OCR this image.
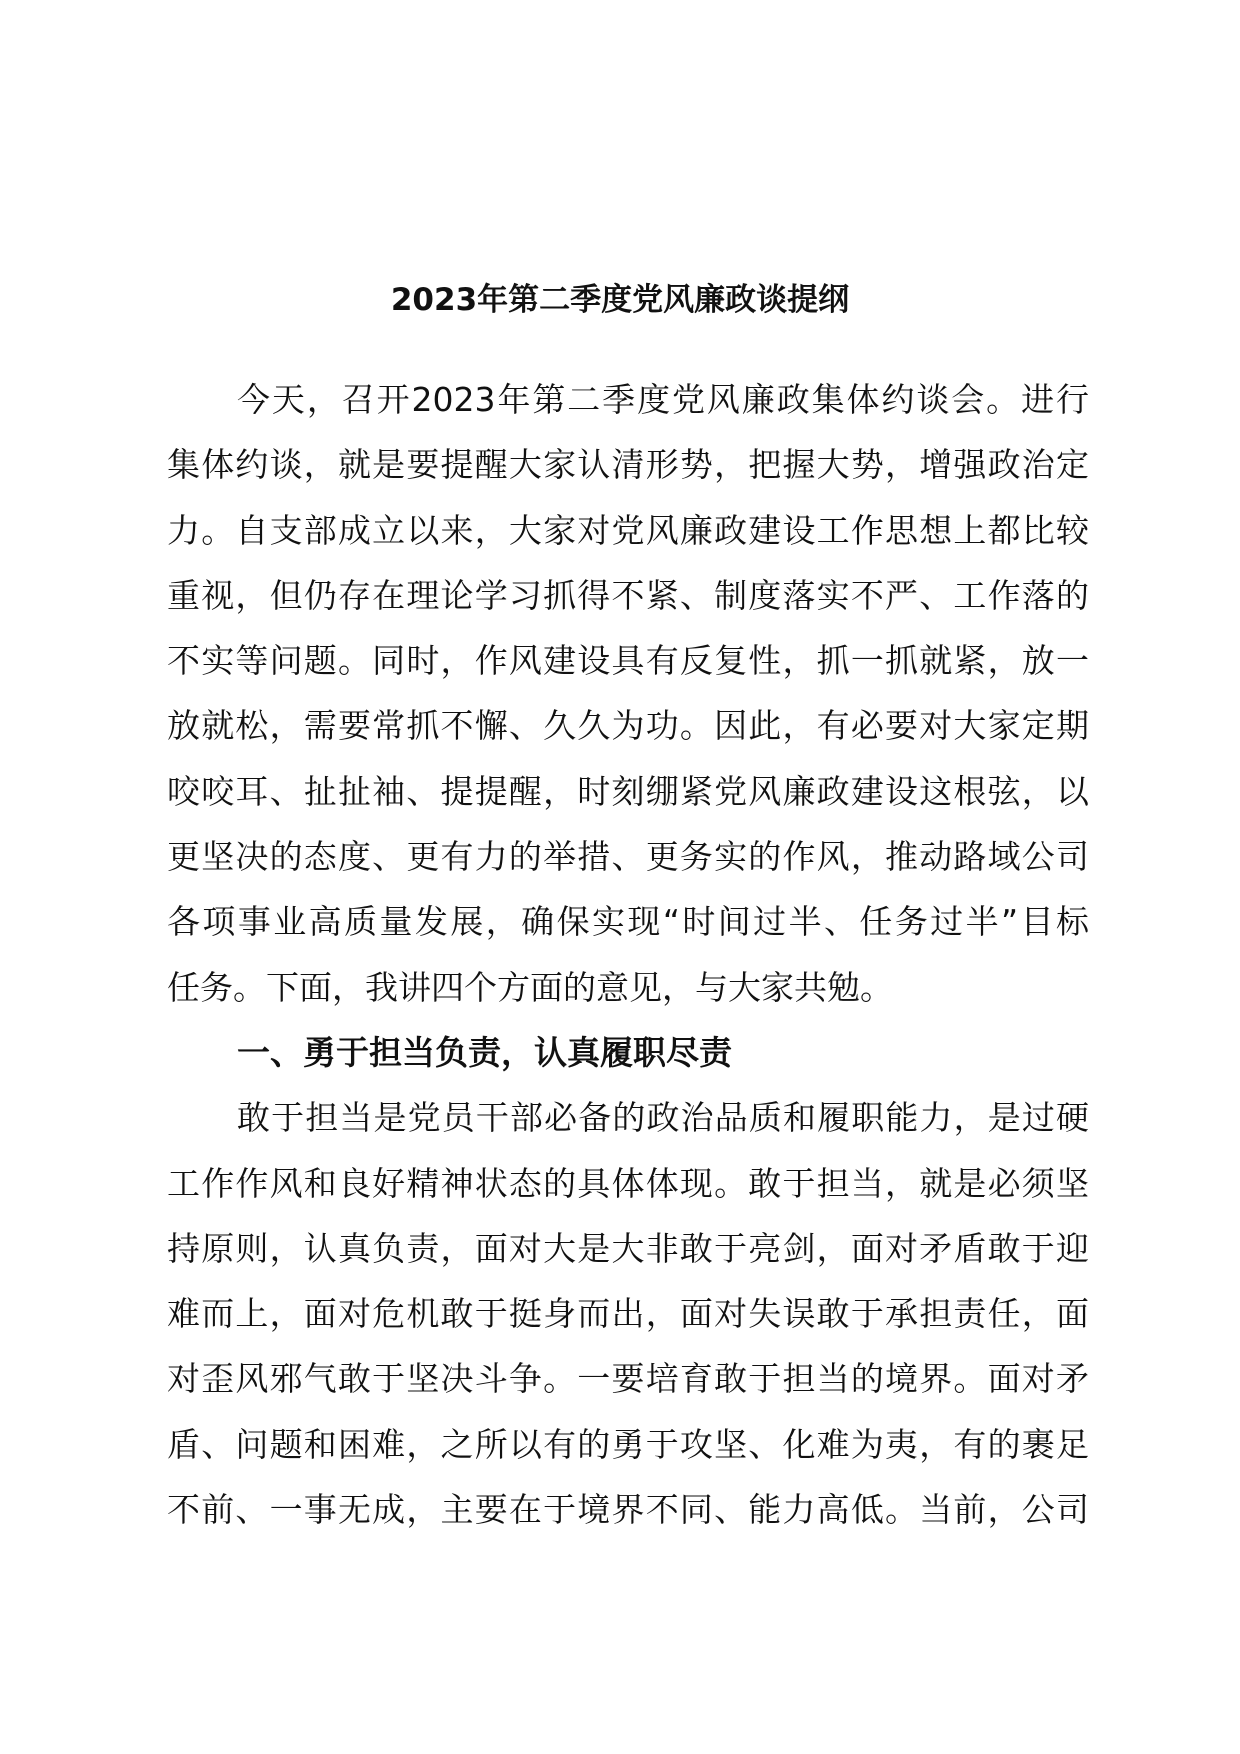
2023年第二季度党风廉政谈提纲
今天，召开2023年第二季度党风廉政集体约谈会。进行
集体约谈，就是要提醒大家认清形势，把握大势，增强政治定
力。自支部成立以来，大家对党风廉政建设工作思想上都比较
重视，但仍存在理论学习抓得不紧、制度落实不严、工作落的
不实等问题。同时，作风建设具有反复性，抓一抓就紧，放一
放就松，需要常抓不懈、久久为功。因此，有必要对大家定期
咬咬耳、扯扯袖、提提醒，时刻绷紧党风廉政建设这根弦，以
更坚决的态度、更有力的举措、更务实的作风，推动路域公司
各项事业高质量发展，确保实现“时间过半、任务过半”目标
任务。下面，我讲四个方面的意见，与大家共勉。
一、勇于担当负责，认真履职尽责
敢于担当是党员干部必备的政治品质和履职能力，是过硬
工作作风和良好精神状态的具体体现。敢于担当，就是必须坚
持原则，认真负责，面对大是大非敢于亮剑，面对矛盾敢于迎
难而上，面对危机敢于挺身而出，面对失误敢于承担责任，面
对歪风邪气敢于坚决斗争。一要培育敢于担当的境界。面对矛
盾、问题和困难，之所以有的勇于攻坚、化难为夷，有的裹足
不前、一事无成，主要在于境界不同、能力高低。当前，公司
